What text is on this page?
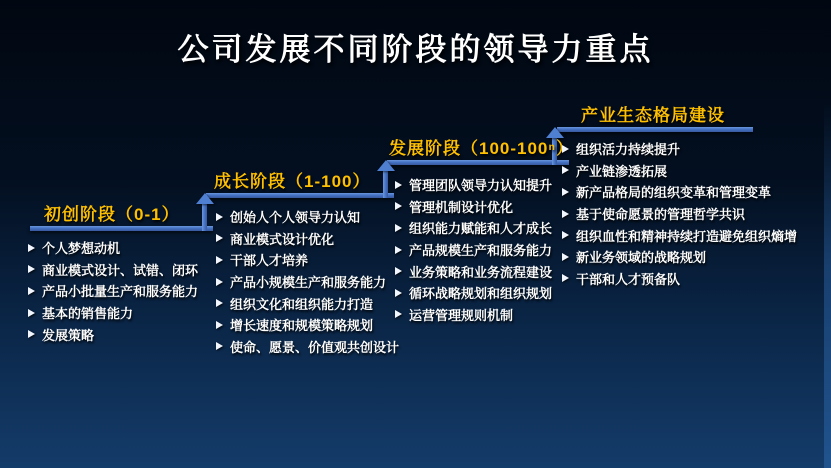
公司发展不同阶段的领导力重点
初创阶段（0-1）
成长阶段（1-100）
发展阶段（100-100ⁿ）
产业生态格局建设
个人梦想动机
商业模式设计、试错、闭环
产品小批量生产和服务能力
基本的销售能力
发展策略
创始人个人领导力认知
商业模式设计优化
干部人才培养
产品小规模生产和服务能力
组织文化和组织能力打造
增长速度和规模策略规划
使命、愿景、价值观共创设计
管理团队领导力认知提升
管理机制设计优化
组织能力赋能和人才成长
产品规模生产和服务能力
业务策略和业务流程建设
循环战略规划和组织规划
运营管理规则机制
组织活力持续提升
产业链渗透拓展
新产品格局的组织变革和管理变革
基于使命愿景的管理哲学共识
组织血性和精神持续打造避免组织熵增
新业务领域的战略规划
干部和人才预备队
